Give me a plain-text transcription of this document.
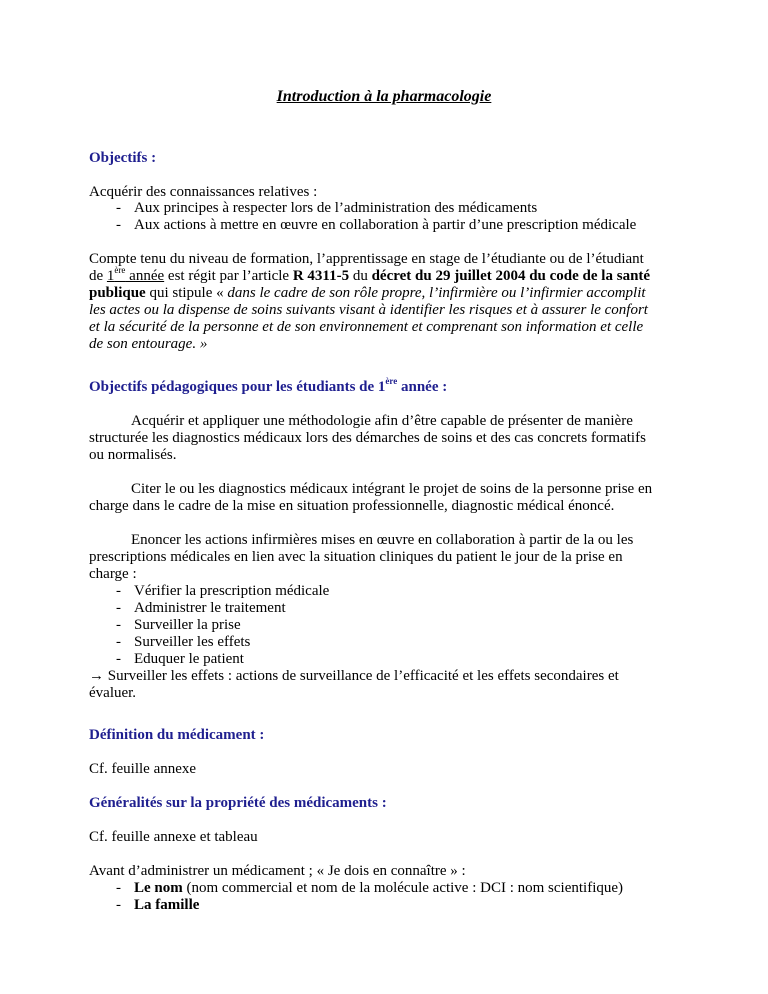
Introduction à la pharmacologie
Objectifs :
Acquérir des connaissances relatives :
- Aux principes à respecter lors de l’administration des médicaments
- Aux actions à mettre en œuvre en collaboration à partir d’une prescription médicale
Compte tenu du niveau de formation, l’apprentissage en stage de l’étudiante ou de l’étudiant
de 1ère année est régit par l’article R 4311-5 du décret du 29 juillet 2004 du code de la santé
publique qui stipule « dans le cadre de son rôle propre, l’infirmière ou l’infirmier accomplit
les actes ou la dispense de soins suivants visant à identifier les risques et à assurer le confort
et la sécurité de la personne et de son environnement et comprenant son information et celle
de son entourage. »
Objectifs pédagogiques pour les étudiants de 1ère année :
Acquérir et appliquer une méthodologie afin d’être capable de présenter de manière
structurée les diagnostics médicaux lors des démarches de soins et des cas concrets formatifs
ou normalisés.
Citer le ou les diagnostics médicaux intégrant le projet de soins de la personne prise en
charge dans le cadre de la mise en situation professionnelle, diagnostic médical énoncé.
Enoncer les actions infirmières mises en œuvre en collaboration à partir de la ou les
prescriptions médicales en lien avec la situation cliniques du patient le jour de la prise en
charge :
- Vérifier la prescription médicale
- Administrer le traitement
- Surveiller la prise
- Surveiller les effets
- Eduquer le patient
→ Surveiller les effets : actions de surveillance de l’efficacité et les effets secondaires et
évaluer.
Définition du médicament :
Cf. feuille annexe
Généralités sur la propriété des médicaments :
Cf. feuille annexe et tableau
Avant d’administrer un médicament ; « Je dois en connaître » :
- Le nom (nom commercial et nom de la molécule active : DCI : nom scientifique)
- La famille
